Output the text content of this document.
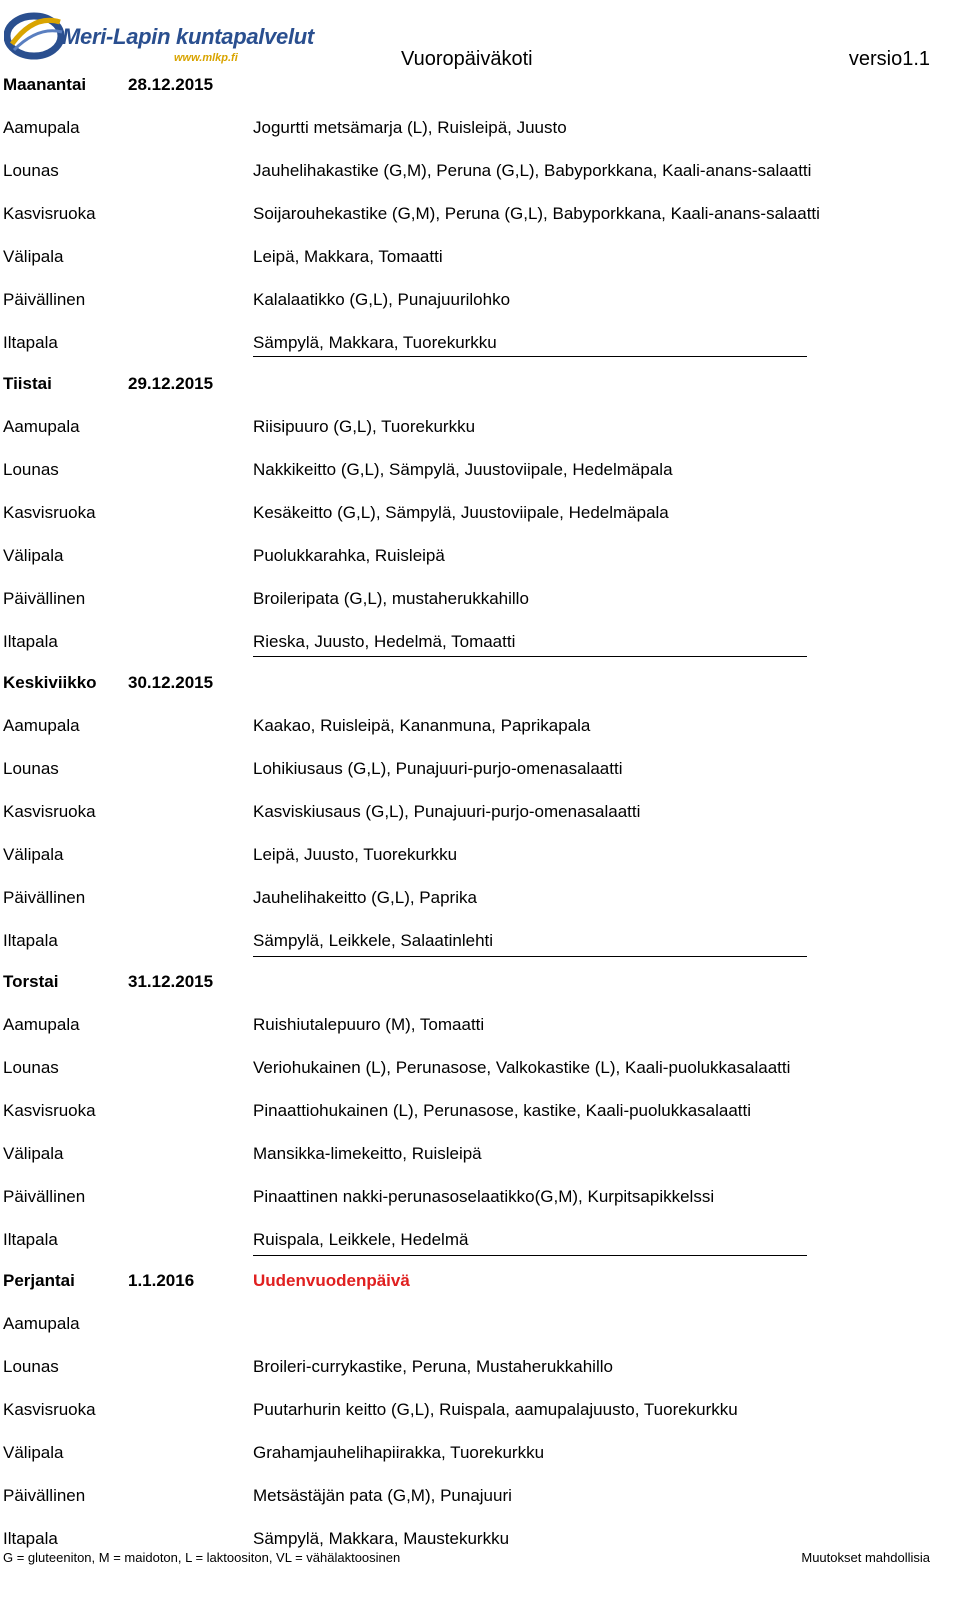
Meri-Lapin kuntapalvelut
www.mlkp.fi	Vuoropäiväkoti	versio1.1
Maanantai 28.12.2015
Aamupala	Jogurtti metsämarja (L), Ruisleipä, Juusto
Lounas	Jauhelihakastike (G,M), Peruna (G,L), Babyporkkana, Kaali-anans-salaatti
Kasvisruoka	Soijarouhekastike (G,M), Peruna (G,L), Babyporkkana, Kaali-anans-salaatti
Välipala	Leipä, Makkara, Tomaatti
Päivällinen	Kalalaatikko (G,L), Punajuurilohko
Iltapala	Sämpylä, Makkara, Tuorekurkku
Tiistai	29.12.2015
Aamupala	Riisipuuro (G,L), Tuorekurkku
Lounas	Nakkikeitto (G,L), Sämpylä, Juustoviipale, Hedelmäpala
Kasvisruoka	Kesäkeitto (G,L), Sämpylä, Juustoviipale, Hedelmäpala
Välipala	Puolukkarahka, Ruisleipä
Päivällinen	Broileripata (G,L), mustaherukkahillo
Iltapala	Rieska, Juusto, Hedelmä, Tomaatti
Keskiviikko 30.12.2015
Aamupala	Kaakao, Ruisleipä, Kananmuna, Paprikapala
Lounas	Lohikiusaus (G,L), Punajuuri-purjo-omenasalaatti
Kasvisruoka	Kasviskiusaus (G,L), Punajuuri-purjo-omenasalaatti
Välipala	Leipä, Juusto, Tuorekurkku
Päivällinen	Jauhelihakeitto (G,L), Paprika
Iltapala	Sämpylä, Leikkele, Salaatinlehti
Torstai	31.12.2015
Aamupala	Ruishiutalepuuro (M), Tomaatti
Lounas	Veriohukainen (L), Perunasose, Valkokastike (L), Kaali-puolukkasalaatti
Kasvisruoka	Pinaattiohukainen (L), Perunasose, kastike, Kaali-puolukkasalaatti
Välipala	Mansikka-limekeitto, Ruisleipä
Päivällinen	Pinaattinen nakki-perunasoselaatikko(G,M), Kurpitsapikkelssi
Iltapala	Ruispala, Leikkele, Hedelmä
Perjantai	1.1.2016	Uudenvuodenpäivä
Aamupala
Lounas	Broileri-currykastike, Peruna, Mustaherukkahillo
Kasvisruoka	Puutarhurin keitto (G,L), Ruispala, aamupalajuusto, Tuorekurkku
Välipala	Grahamjauhelihapiirakka, Tuorekurkku
Päivällinen	Metsästäjän pata (G,M), Punajuuri
Iltapala	Sämpylä, Makkara, Maustekurkku
G = gluteeniton, M = maidoton, L = laktoositon, VL = vähälaktoosinen	Muutokset mahdollisia
